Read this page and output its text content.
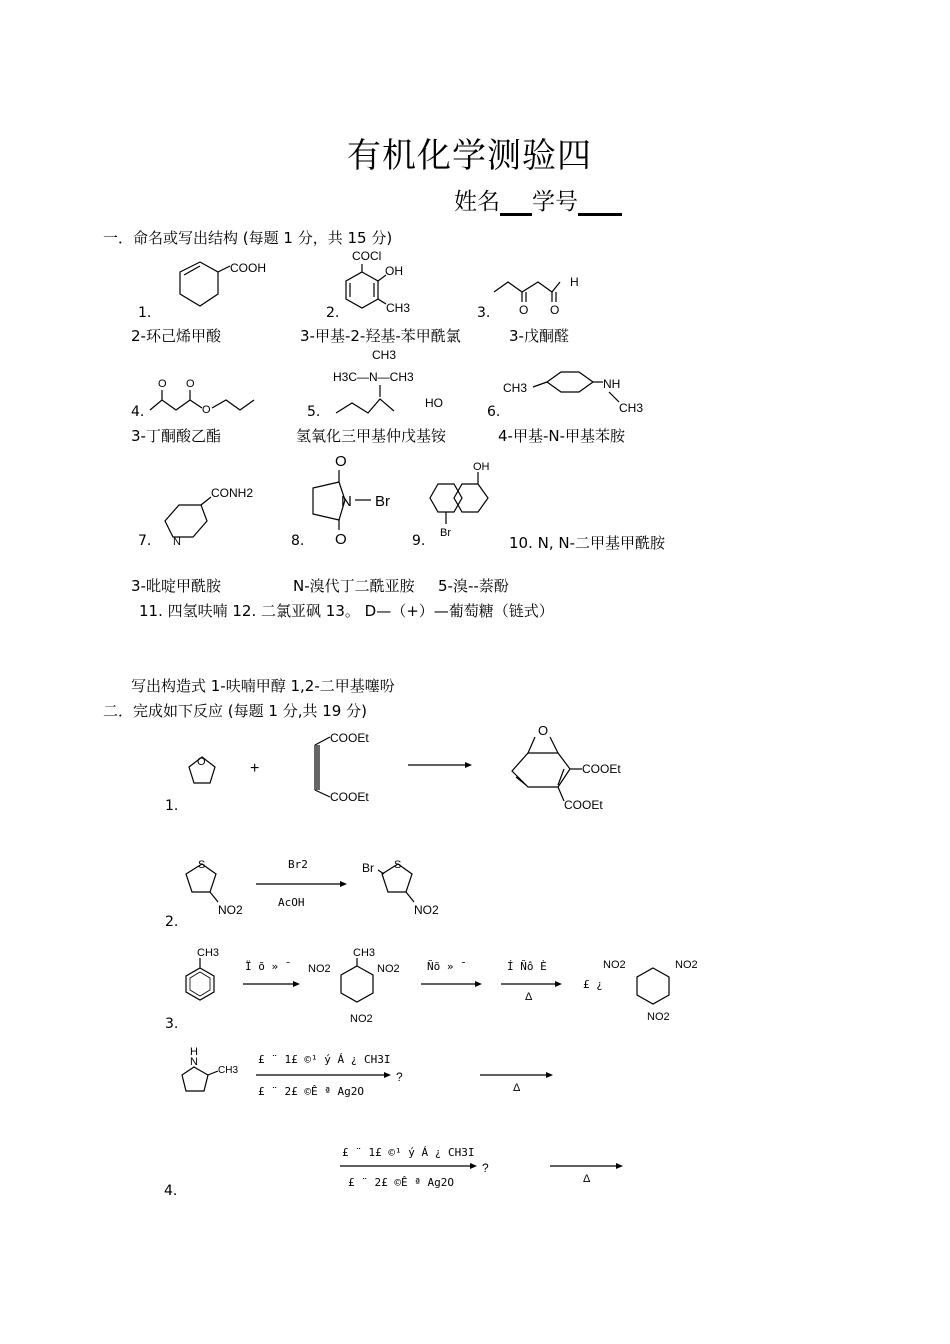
有机化学测验四
姓名 学号
一．命名或写出结构 (每题 1 分，共 15 分)
COOH
1.
COCl
OH
CH3
2.	O O
H
3.
2-环己烯甲酸	3-甲基-2-羟基-苯甲酰氯	3-戊酮醛
O O
O
4.
CH3
H3C—N—CH3
HO
5.
CH3	NH
CH3
6.
3-丁酮酸乙酯	氢氧化三甲基仲戊基铵	4-甲基-N-甲基苯胺
CONH2
N
7.
O
N
O
Br
8.
OH
Br
9.	10. N, N-二甲基甲酰胺
3-吡啶甲酰胺	N-溴代丁二酰亚胺 5-溴--萘酚
11. 四氢呋喃 12. 二氯亚砜 13。 D—（+）—葡萄糖（链式）
写出构造式 1-呋喃甲醇 1,2-二甲基噻吩
二．完成如下反应 (每题 1 分,共 19 分)
O	+
COOEt
COOEt
O
COOEt
COOEt
1.
S
NO2
Br2
AcOH
Br S
NO2
2.
CH3
Ï õ » ¯
CH3
NO2	NO2
NO2
Ñõ » ¯	Í Ñô È
Δ
£ ¿
NO2	NO2
NO2
3.
H
N
CH3
£ ¨ 1£ ©¹ ý Á ¿ CH3I
£ ¨ 2£ ©Ê ª Ag2O
?
Δ
£ ¨ 1£ ©¹ ý Á ¿ CH3I
£ ¨ 2£ ©Ê ª Ag2O
?
Δ
4.
